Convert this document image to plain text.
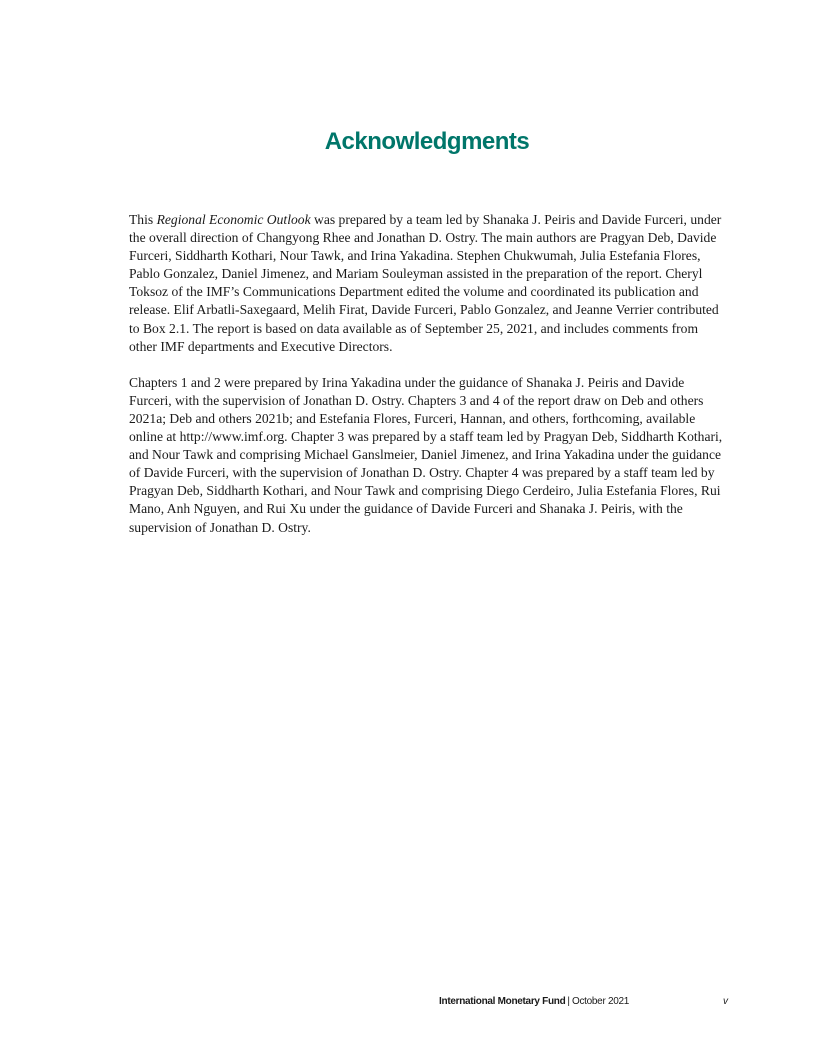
Acknowledgments

This Regional Economic Outlook was prepared by a team led by Shanaka J. Peiris and Davide Furceri, under the overall direction of Changyong Rhee and Jonathan D. Ostry. The main authors are Pragyan Deb, Davide Furceri, Siddharth Kothari, Nour Tawk, and Irina Yakadina. Stephen Chukwumah, Julia Estefania Flores, Pablo Gonzalez, Daniel Jimenez, and Mariam Souleyman assisted in the preparation of the report. Cheryl Toksoz of the IMF’s Communications Department edited the volume and coordinated its publication and release. Elif Arbatli-Saxegaard, Melih Firat, Davide Furceri, Pablo Gonzalez, and Jeanne Verrier contributed to Box 2.1. The report is based on data available as of September 25, 2021, and includes comments from other IMF departments and Executive Directors.

Chapters 1 and 2 were prepared by Irina Yakadina under the guidance of Shanaka J. Peiris and Davide Furceri, with the supervision of Jonathan D. Ostry. Chapters 3 and 4 of the report draw on Deb and others 2021a; Deb and others 2021b; and Estefania Flores, Furceri, Hannan, and others, forthcoming, available online at http://www.imf.org. Chapter 3 was prepared by a staff team led by Pragyan Deb, Siddharth Kothari, and Nour Tawk and comprising Michael Ganslmeier, Daniel Jimenez, and Irina Yakadina under the guidance of Davide Furceri, with the supervision of Jonathan D. Ostry. Chapter 4 was prepared by a staff team led by Pragyan Deb, Siddharth Kothari, and Nour Tawk and comprising Diego Cerdeiro, Julia Estefania Flores, Rui Mano, Anh Nguyen, and Rui Xu under the guidance of Davide Furceri and Shanaka J. Peiris, with the supervision of Jonathan D. Ostry.

International Monetary Fund | October 2021	v
